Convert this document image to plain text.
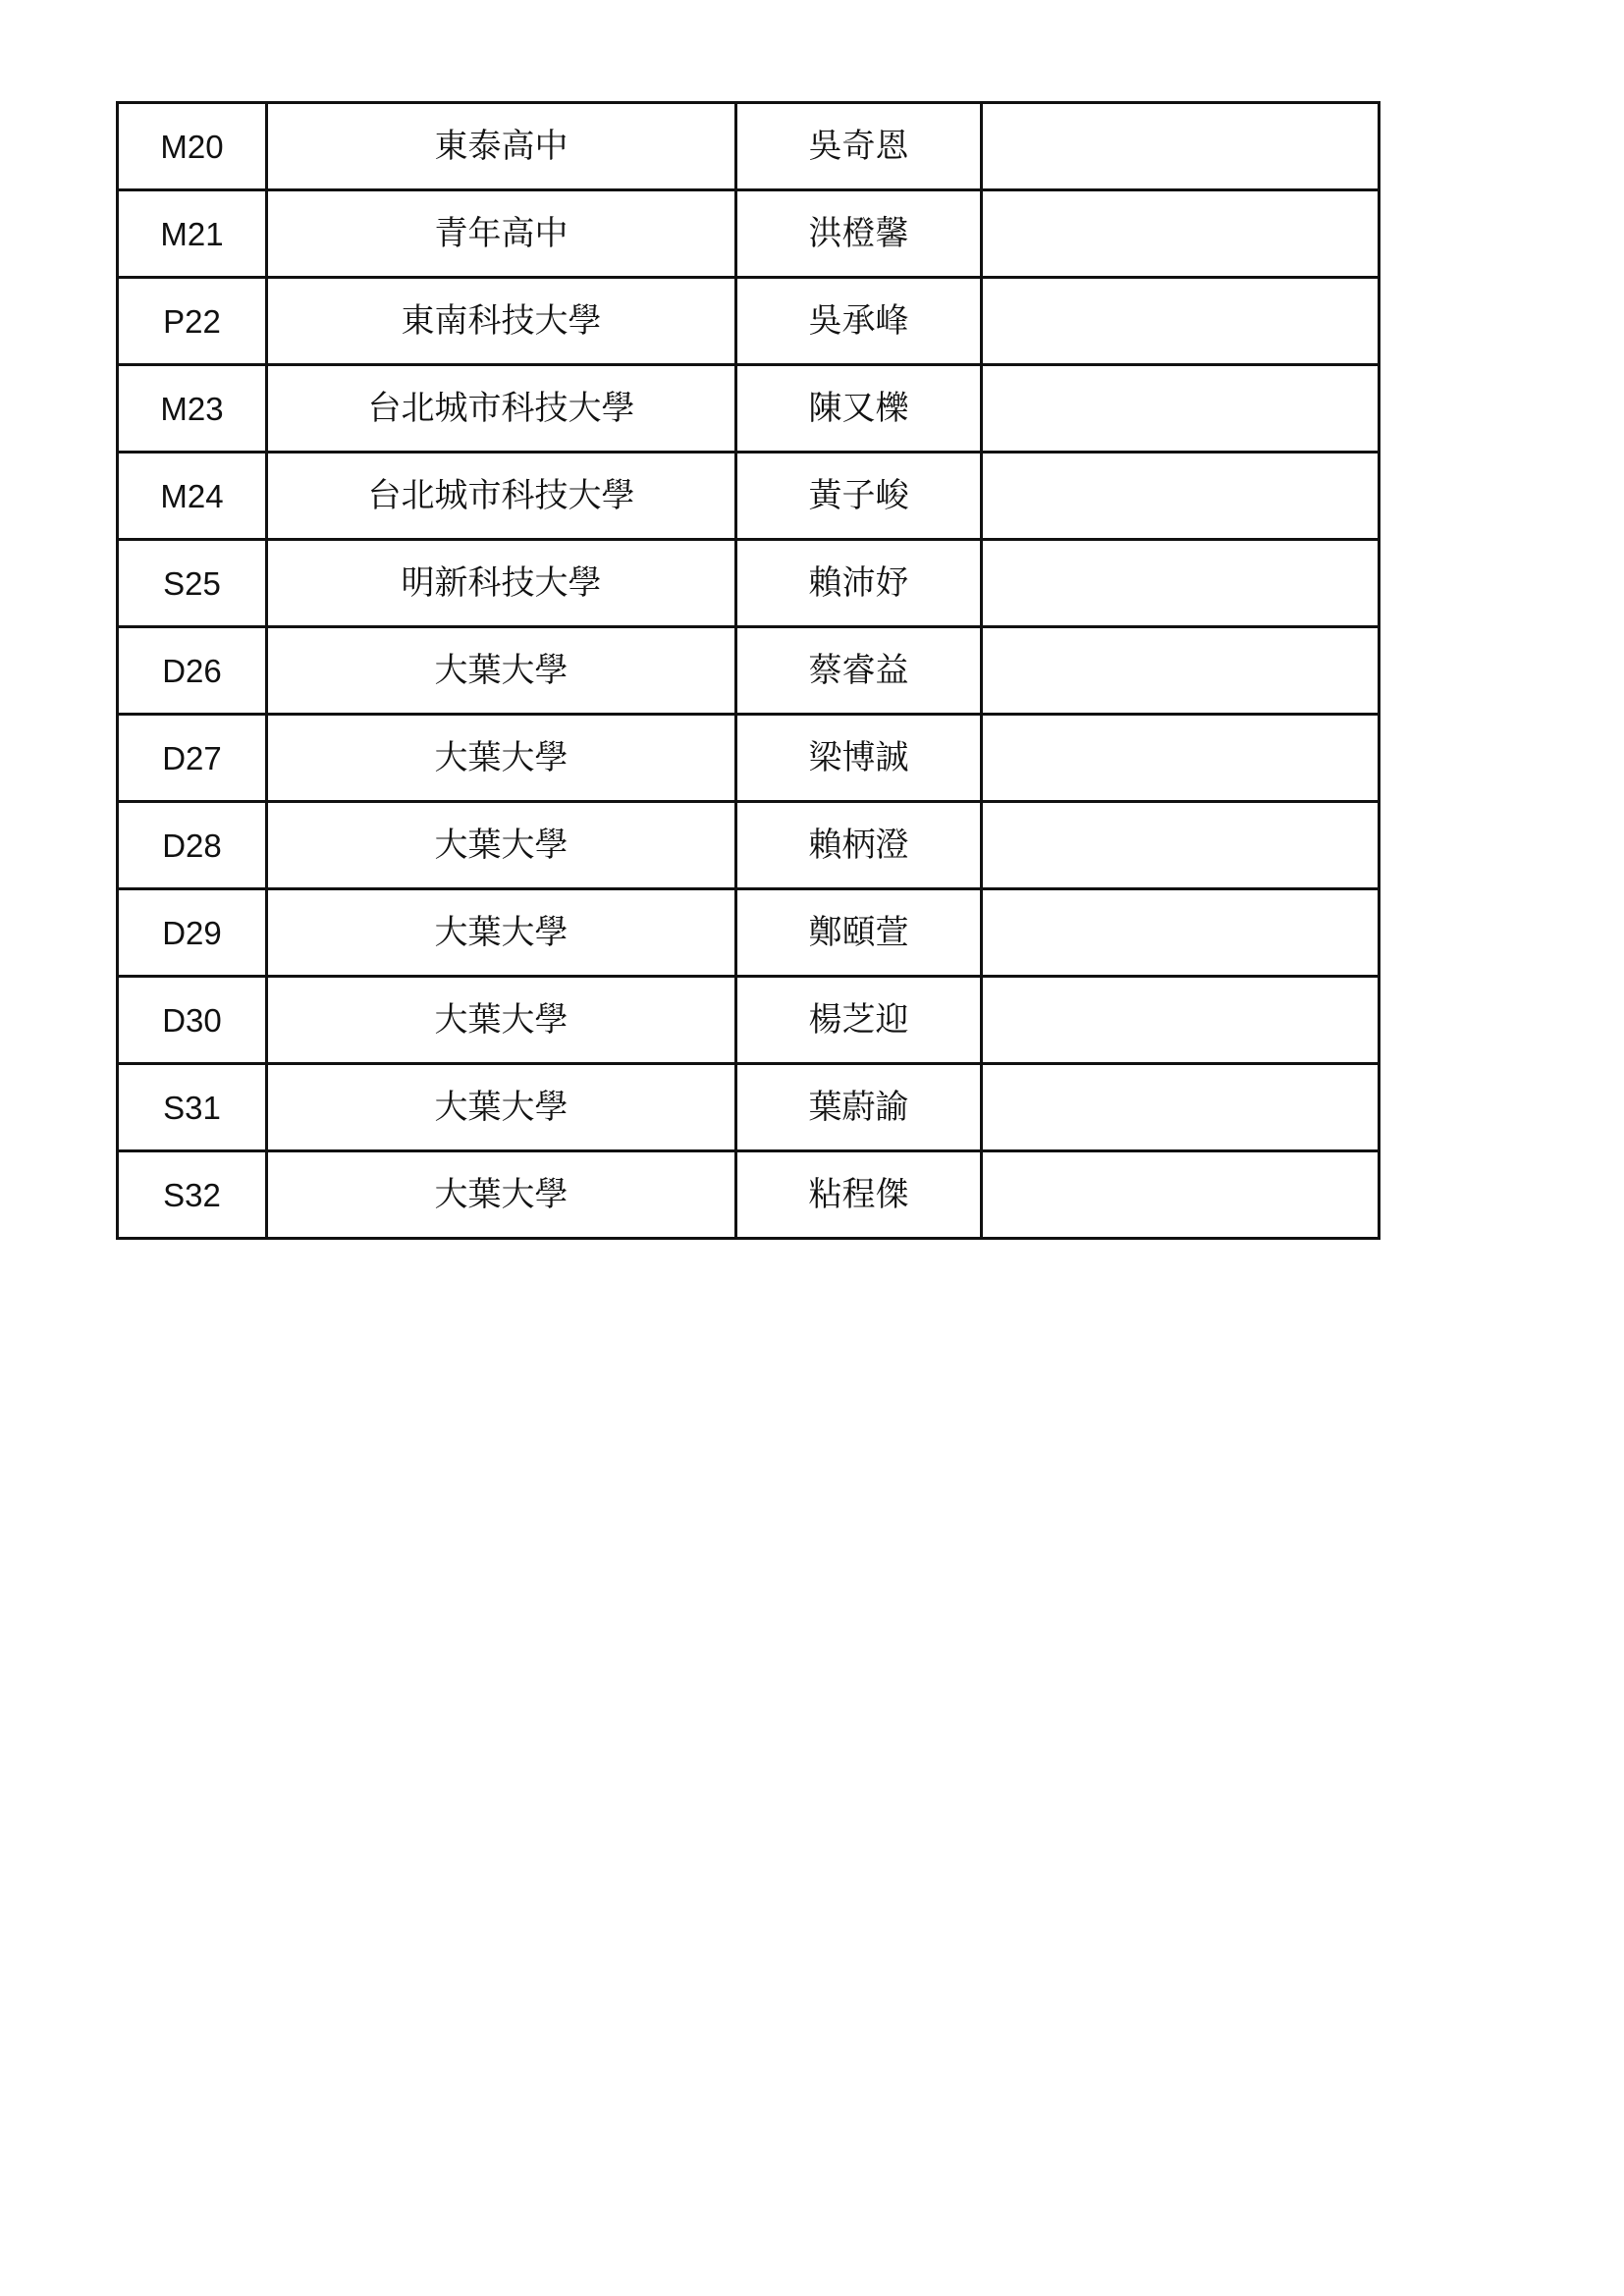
M20	東泰高中	吳奇恩	
M21	青年高中	洪橙馨	
P22	東南科技大學	吳承峰	
M23	台北城市科技大學	陳又櫟	
M24	台北城市科技大學	黃子峻	
S25	明新科技大學	賴沛妤	
D26	大葉大學	蔡睿益	
D27	大葉大學	梁博誠	
D28	大葉大學	賴柄澄	
D29	大葉大學	鄭頤萱	
D30	大葉大學	楊芝迎	
S31	大葉大學	葉蔚諭	
S32	大葉大學	粘程傑	
